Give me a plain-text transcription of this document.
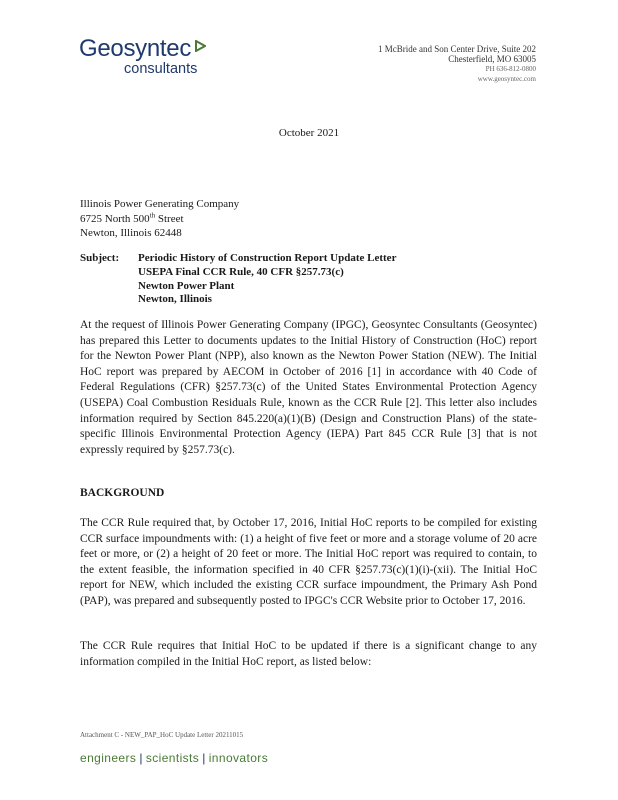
Geosyntec
consultants
1 McBride and Son Center Drive, Suite 202
Chesterfield, MO 63005
PH 636-812-0800
www.geosyntec.com
October 2021
Illinois Power Generating Company
6725 North 500th Street
Newton, Illinois 62448
Subject:	Periodic History of Construction Report Update Letter
USEPA Final CCR Rule, 40 CFR §257.73(c)
Newton Power Plant
Newton, Illinois
At the request of Illinois Power Generating Company (IPGC), Geosyntec Consultants (Geosyntec) has prepared this Letter to documents updates to the Initial History of Construction (HoC) report for the Newton Power Plant (NPP), also known as the Newton Power Station (NEW). The Initial HoC report was prepared by AECOM in October of 2016 [1] in accordance with 40 Code of Federal Regulations (CFR) §257.73(c) of the United States Environmental Protection Agency (USEPA) Coal Combustion Residuals Rule, known as the CCR Rule [2]. This letter also includes information required by Section 845.220(a)(1)(B) (Design and Construction Plans) of the state-specific Illinois Environmental Protection Agency (IEPA) Part 845 CCR Rule [3] that is not expressly required by §257.73(c).
BACKGROUND
The CCR Rule required that, by October 17, 2016, Initial HoC reports to be compiled for existing CCR surface impoundments with: (1) a height of five feet or more and a storage volume of 20 acre feet or more, or (2) a height of 20 feet or more. The Initial HoC report was required to contain, to the extent feasible, the information specified in 40 CFR §257.73(c)(1)(i)-(xii). The Initial HoC report for NEW, which included the existing CCR surface impoundment, the Primary Ash Pond (PAP), was prepared and subsequently posted to IPGC's CCR Website prior to October 17, 2016.
The CCR Rule requires that Initial HoC to be updated if there is a significant change to any information compiled in the Initial HoC report, as listed below:
Attachment C - NEW_PAP_HoC Update Letter 20211015
engineers | scientists | innovators
